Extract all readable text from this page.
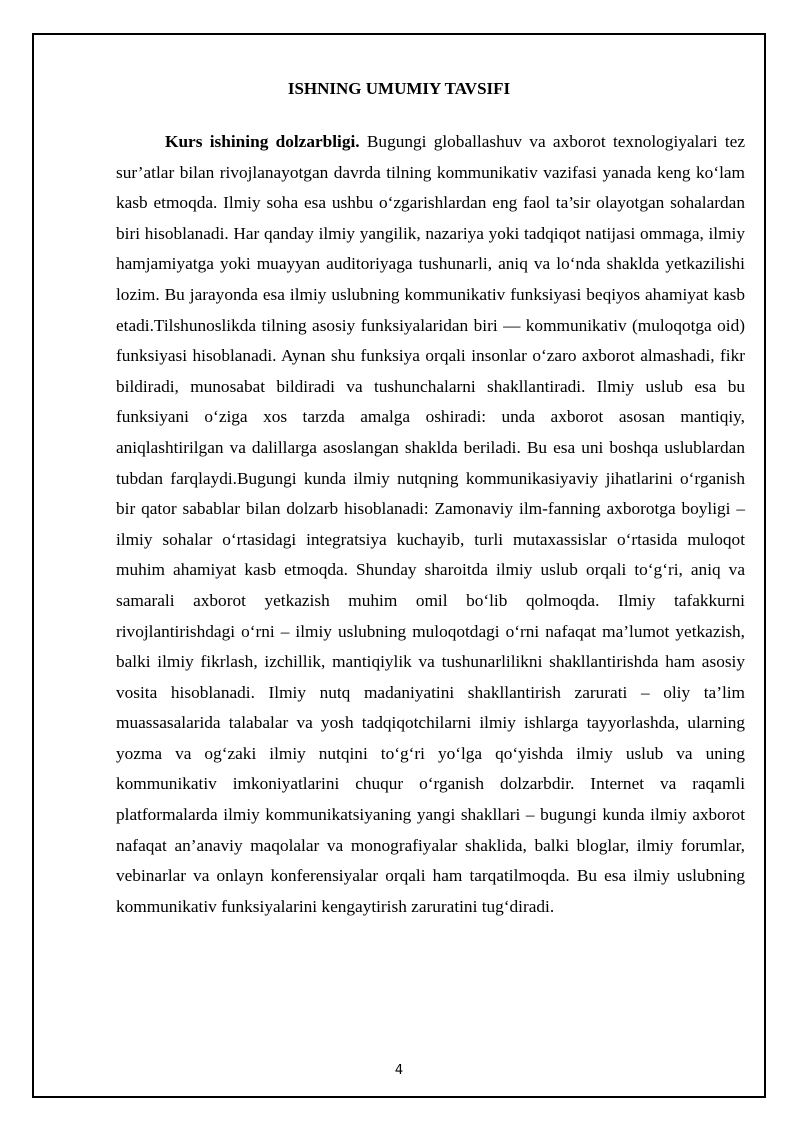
ISHNING UMUMIY TAVSIFI

Kurs ishining dolzarbligi. Bugungi globallashuv va axborot texnologiyalari tez sur’atlar bilan rivojlanayotgan davrda tilning kommunikativ vazifasi yanada keng ko‘lam kasb etmoqda. Ilmiy soha esa ushbu o‘zgarishlardan eng faol ta’sir olayotgan sohalardan biri hisoblanadi. Har qanday ilmiy yangilik, nazariya yoki tadqiqot natijasi ommaga, ilmiy hamjamiyatga yoki muayyan auditoriyaga tushunarli, aniq va lo‘nda shaklda yetkazilishi lozim. Bu jarayonda esa ilmiy uslubning kommunikativ funksiyasi beqiyos ahamiyat kasb etadi.Tilshunoslikda tilning asosiy funksiyalaridan biri — kommunikativ (muloqotga oid) funksiyasi hisoblanadi. Aynan shu funksiya orqali insonlar o‘zaro axborot almashadi, fikr bildiradi, munosabat bildiradi va tushunchalarni shakllantiradi. Ilmiy uslub esa bu funksiyani o‘ziga xos tarzda amalga oshiradi: unda axborot asosan mantiqiy, aniqlashtirilgan va dalillarga asoslangan shaklda beriladi. Bu esa uni boshqa uslublardan tubdan farqlaydi.Bugungi kunda ilmiy nutqning kommunikasiyaviy jihatlarini o‘rganish bir qator sabablar bilan dolzarb hisoblanadi: Zamonaviy ilm-fanning axborotga boyligi – ilmiy sohalar o‘rtasidagi integratsiya kuchayib, turli mutaxassislar o‘rtasida muloqot muhim ahamiyat kasb etmoqda. Shunday sharoitda ilmiy uslub orqali to‘g‘ri, aniq va samarali axborot yetkazish muhim omil bo‘lib qolmoqda. Ilmiy tafakkurni rivojlantirishdagi o‘rni – ilmiy uslubning muloqotdagi o‘rni nafaqat ma’lumot yetkazish, balki ilmiy fikrlash, izchillik, mantiqiylik va tushunarlilikni shakllantirishda ham asosiy vosita hisoblanadi. Ilmiy nutq madaniyatini shakllantirish zarurati – oliy ta’lim muassasalarida talabalar va yosh tadqiqotchilarni ilmiy ishlarga tayyorlashda, ularning yozma va og‘zaki ilmiy nutqini to‘g‘ri yo‘lga qo‘yishda ilmiy uslub va uning kommunikativ imkoniyatlarini chuqur o‘rganish dolzarbdir. Internet va raqamli platformalarda ilmiy kommunikatsiyaning yangi shakllari – bugungi kunda ilmiy axborot nafaqat an’anaviy maqolalar va monografiyalar shaklida, balki bloglar, ilmiy forumlar, vebinarlar va onlayn konferensiyalar orqali ham tarqatilmoqda. Bu esa ilmiy uslubning kommunikativ funksiyalarini kengaytirish zaruratini tug‘diradi.

4
